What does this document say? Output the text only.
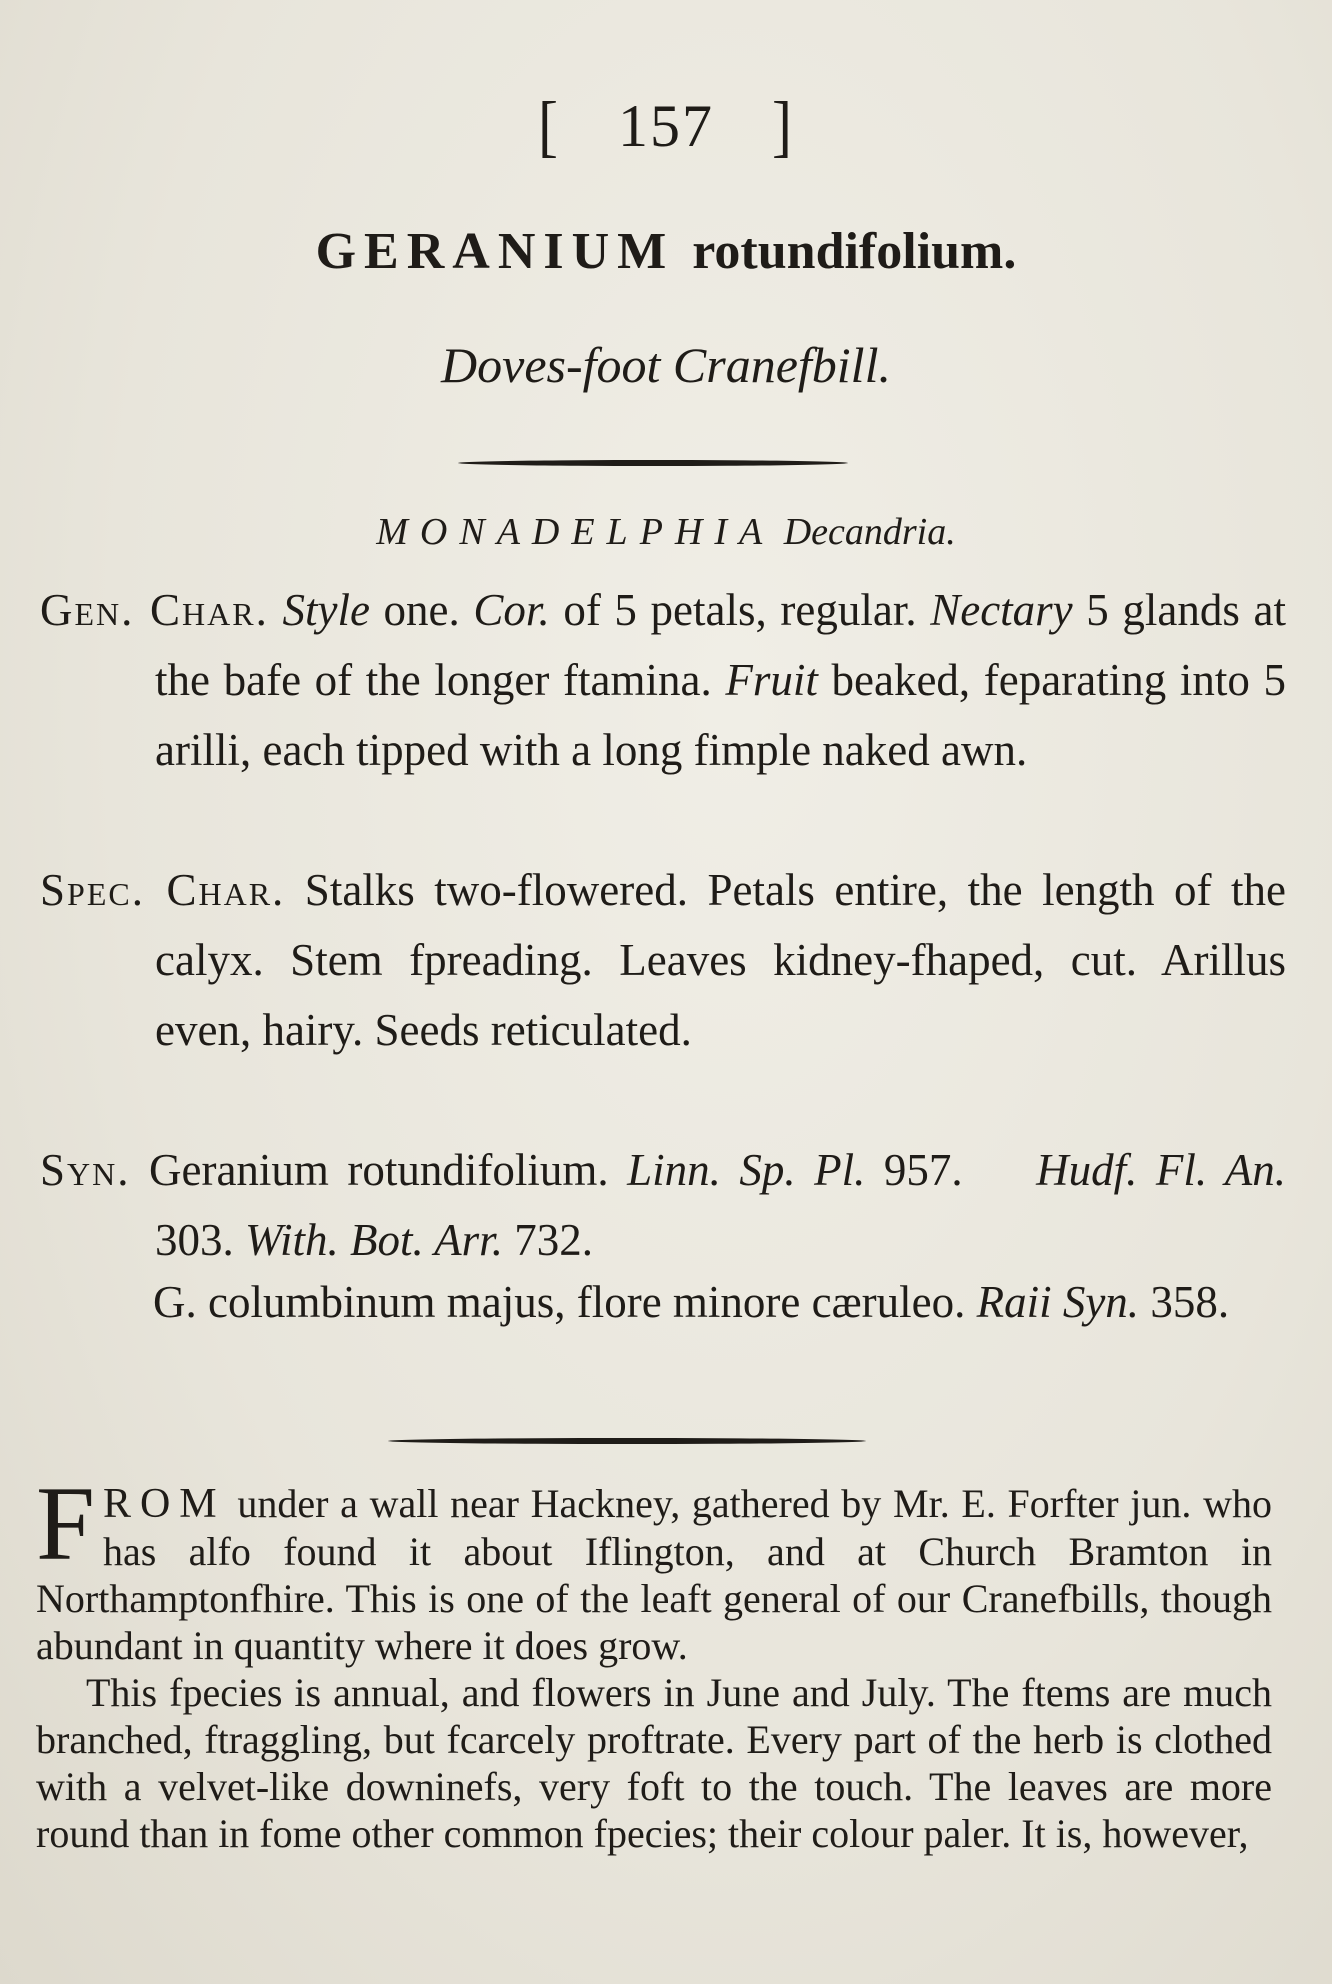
[ 157 ]
GERANIUM rotundifolium.
Doves-foot Cranefbill.
MONADELPHIA Decandria.

Gen. Char. Style one. Cor. of 5 petals, regular. Nectary 5 glands at the bafe of the longer ftamina. Fruit beaked, feparating into 5 arilli, each tipped with a long fimple naked awn.

Spec. Char. Stalks two-flowered. Petals entire, the length of the calyx. Stem fpreading. Leaves kidney-fhaped, cut. Arillus even, hairy. Seeds reticulated.

Syn. Geranium rotundifolium. Linn. Sp. Pl. 957. Hudf. Fl. An. 303. With. Bot. Arr. 732.

G. columbinum majus, flore minore cæruleo. Raii Syn. 358.

FROM under a wall near Hackney, gathered by Mr. E. Forfter jun. who has alfo found it about Iflington, and at Church Bramton in Northamptonfhire. This is one of the leaft general of our Cranefbills, though abundant in quantity where it does grow.

This fpecies is annual, and flowers in June and July. The ftems are much branched, ftraggling, but fcarcely proftrate. Every part of the herb is clothed with a velvet-like downinefs, very foft to the touch. The leaves are more round than in fome other common fpecies; their colour paler. It is, however,
